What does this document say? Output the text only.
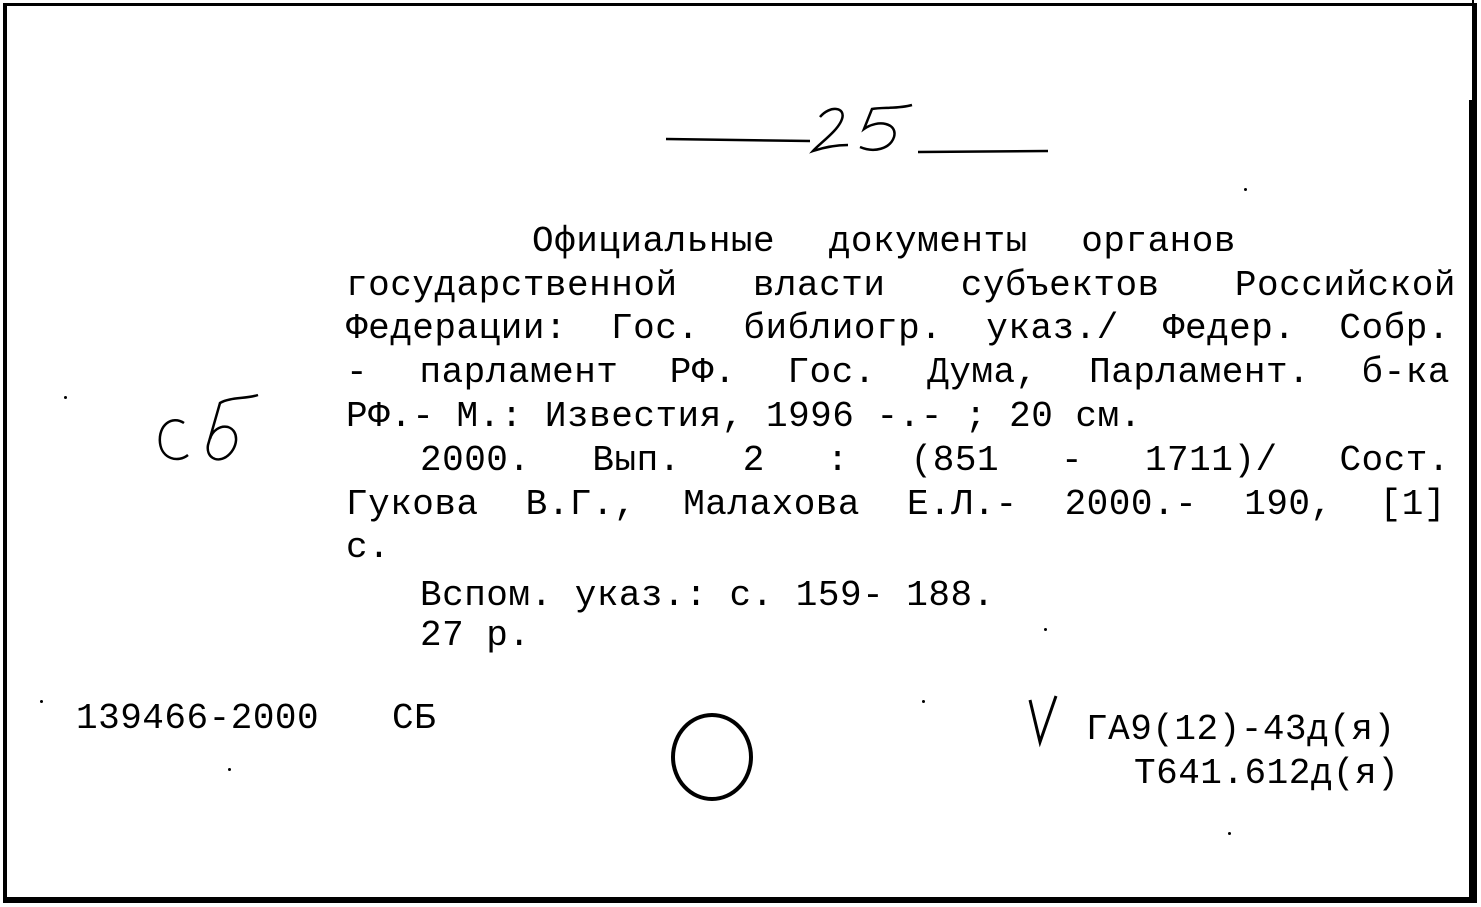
Официальные документы органов
государственной власти субъектов Российской
Федерации: Гос. библиогр. указ./ Федер. Собр.
- парламент РФ. Гос. Дума, Парламент. б-ка
РФ.- М.: Известия, 1996 -.- ; 20 см.
2000. Вып. 2 : (851 - 1711)/ Сост.
Гукова В.Г., Малахова Е.Л.- 2000.- 190, [1]
с.
Вспом. указ.: с. 159- 188.
27 р.
139466-2000 СБ	ГА9(12)-43д(я)
Т641.612д(я)
